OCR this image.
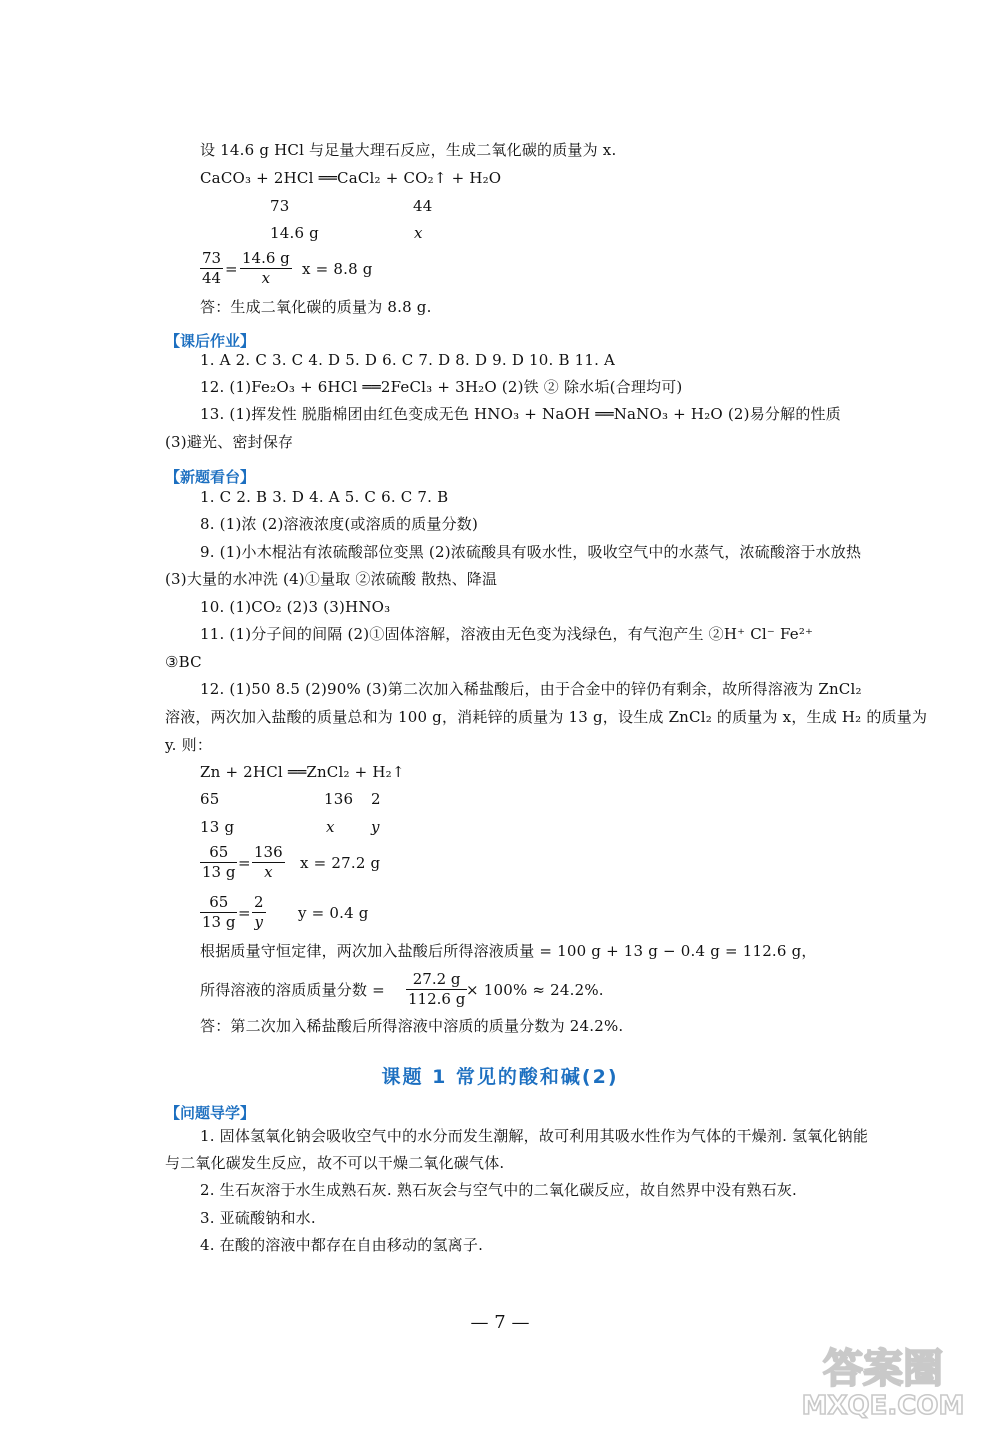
设 14.6 g HCl 与足量大理石反应，生成二氧化碳的质量为 x.
CaCO₃ + 2HCl ══CaCl₂ + CO₂↑ + H₂O
73	44
14.6 g	x
$\frac{73}{44} = \frac{14.6 g}{x}$ x = 8.8 g
答：生成二氧化碳的质量为 8.8 g.
【课后作业】
1. A 2. C 3. C 4. D 5. D 6. C 7. D 8. D 9. D 10. B 11. A
12. (1)Fe₂O₃ + 6HCl ══2FeCl₃ + 3H₂O (2)铁 ② 除水垢(合理均可)
13. (1)挥发性 脱脂棉团由红色变成无色 HNO₃ + NaOH ══NaNO₃ + H₂O (2)易分解的性质
(3)避光、密封保存
【新题看台】
1. C 2. B 3. D 4. A 5. C 6. C 7. B
8. (1)浓 (2)溶液浓度(或溶质的质量分数)
9. (1)小木棍沾有浓硫酸部位变黑 (2)浓硫酸具有吸水性，吸收空气中的水蒸气，浓硫酸溶于水放热
(3)大量的水冲洗 (4)①量取 ②浓硫酸 散热、降温
10. (1)CO₂ (2)3 (3)HNO₃
11. (1)分子间的间隔 (2)①固体溶解，溶液由无色变为浅绿色，有气泡产生 ②H⁺ Cl⁻ Fe²⁺
③BC
12. (1)50 8.5 (2)90% (3)第二次加入稀盐酸后，由于合金中的锌仍有剩余，故所得溶液为 ZnCl₂
溶液，两次加入盐酸的质量总和为 100 g，消耗锌的质量为 13 g，设生成 ZnCl₂ 的质量为 x，生成 H₂ 的质量为
y. 则：
Zn + 2HCl ══ZnCl₂ + H₂↑
65	136 2
13 g	x y
$\frac{65}{13 g} = \frac{136}{x}$ x = 27.2 g
$\frac{65}{13 g} = \frac{2}{y}$ y = 0.4 g
根据质量守恒定律，两次加入盐酸后所得溶液质量 = 100 g + 13 g − 0.4 g = 112.6 g，
所得溶液的溶质质量分数 = $\frac{27.2 g}{112.6 g}$
× 100% ≈ 24.2%.
答：第二次加入稀盐酸后所得溶液中溶质的质量分数为 24.2%.
课题 1 常见的酸和碱(2)
【问题导学】
1. 固体氢氧化钠会吸收空气中的水分而发生潮解，故可利用其吸水性作为气体的干燥剂. 氢氧化钠能
与二氧化碳发生反应，故不可以干燥二氧化碳气体.
2. 生石灰溶于水生成熟石灰. 熟石灰会与空气中的二氧化碳反应，故自然界中没有熟石灰.
3. 亚硫酸钠和水.
4. 在酸的溶液中都存在自由移动的氢离子.
— 7 —
答案圈
MXQE.COM
